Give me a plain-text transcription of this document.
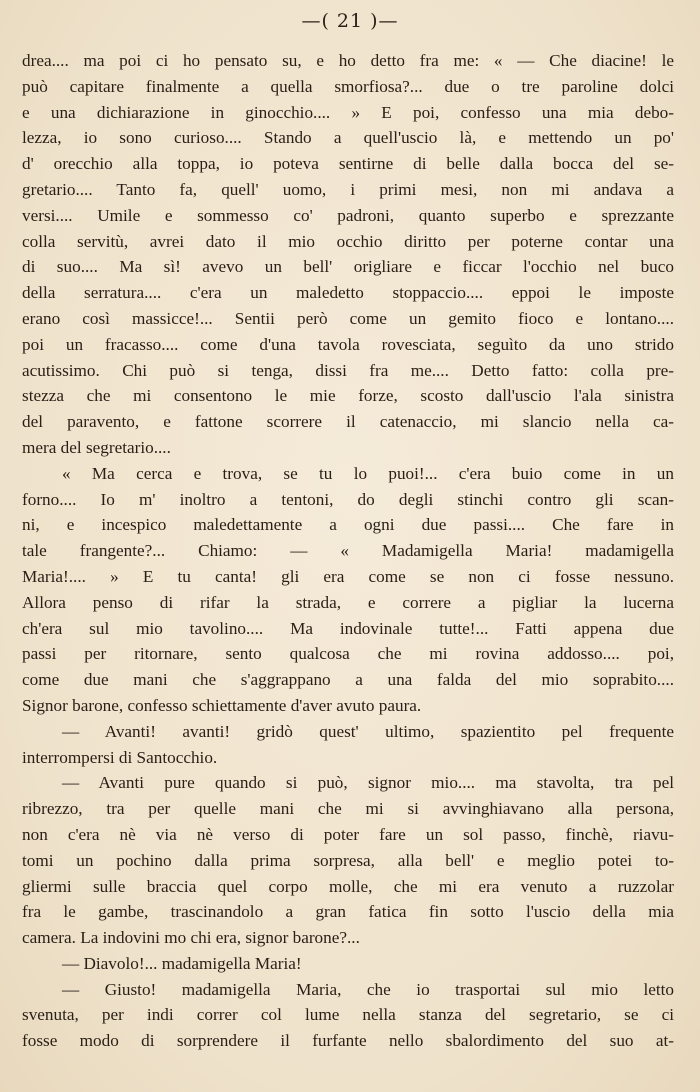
—( 21 )—
drea.... ma poi ci ho pensato su, e ho detto fra me: « — Che diacine! le
può capitare finalmente a quella smorfiosa?... due o tre paroline dolci
e una dichiarazione in ginocchio.... » E poi, confesso una mia debo-
lezza, io sono curioso.... Stando a quell'uscio là, e mettendo un po'
d' orecchio alla toppa, io poteva sentirne di belle dalla bocca del se-
gretario.... Tanto fa, quell' uomo, i primi mesi, non mi andava a
versi.... Umile e sommesso co' padroni, quanto superbo e sprezzante
colla servitù, avrei dato il mio occhio diritto per poterne contar una
di suo.... Ma sì! avevo un bell' origliare e ficcar l'occhio nel buco
della serratura.... c'era un maledetto stoppaccio.... eppoi le imposte
erano così massicce!... Sentii però come un gemito fioco e lontano....
poi un fracasso.... come d'una tavola rovesciata, seguìto da uno strido
acutissimo. Chi può si tenga, dissi fra me.... Detto fatto: colla pre-
stezza che mi consentono le mie forze, scosto dall'uscio l'ala sinistra
del paravento, e fattone scorrere il catenaccio, mi slancio nella ca-
mera del segretario....
« Ma cerca e trova, se tu lo puoi!... c'era buio come in un
forno.... Io m' inoltro a tentoni, do degli stinchi contro gli scan-
ni, e incespico maledettamente a ogni due passi.... Che fare in
tale frangente?... Chiamo: — « Madamigella Maria! madamigella
Maria!.... » E tu canta! gli era come se non ci fosse nessuno.
Allora penso di rifar la strada, e correre a pigliar la lucerna
ch'era sul mio tavolino.... Ma indovinale tutte!... Fatti appena due
passi per ritornare, sento qualcosa che mi rovina addosso.... poi,
come due mani che s'aggrappano a una falda del mio soprabito....
Signor barone, confesso schiettamente d'aver avuto paura.
— Avanti! avanti! gridò quest' ultimo, spazientito pel frequente
interrompersi di Santocchio.
— Avanti pure quando si può, signor mio.... ma stavolta, tra pel
ribrezzo, tra per quelle mani che mi si avvinghiavano alla persona,
non c'era nè via nè verso di poter fare un sol passo, finchè, riavu-
tomi un pochino dalla prima sorpresa, alla bell' e meglio potei to-
gliermi sulle braccia quel corpo molle, che mi era venuto a ruzzolar
fra le gambe, trascinandolo a gran fatica fin sotto l'uscio della mia
camera. La indovini mo chi era, signor barone?...
— Diavolo!... madamigella Maria!
— Giusto! madamigella Maria, che io trasportai sul mio letto
svenuta, per indi correr col lume nella stanza del segretario, se ci
fosse modo di sorprendere il furfante nello sbalordimento del suo at-
